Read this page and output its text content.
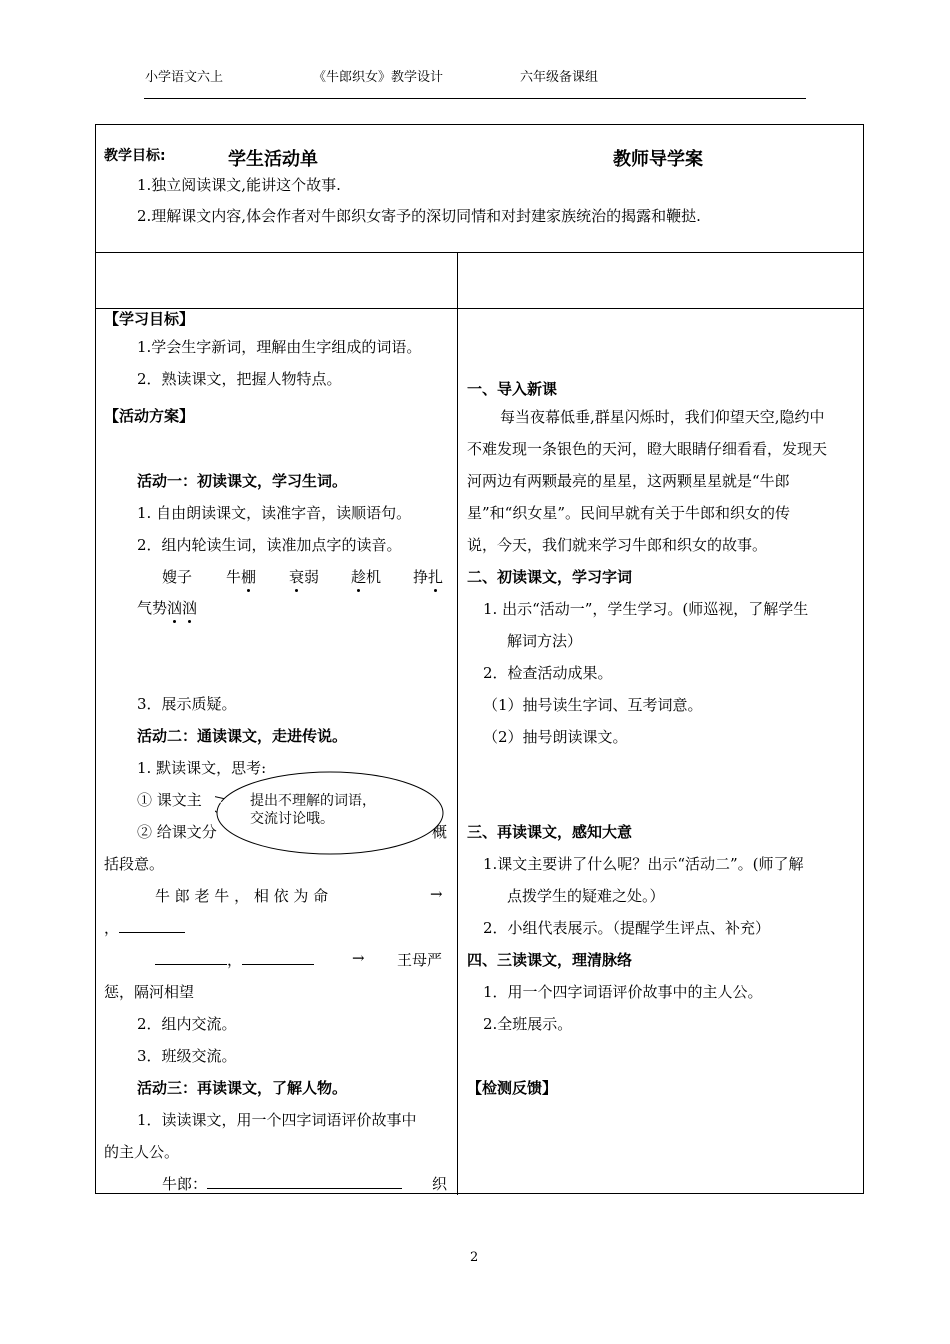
小学语文六上	《牛郎织女》教学设计	六年级备课组
教学目标:
1.独立阅读课文,能讲这个故事.
2.理解课文内容,体会作者对牛郎织女寄予的深切同情和对封建家族统治的揭露和鞭挞.
学生活动单	教师导学案
【学习目标】
1.学会生字新词，理解由生字组成的词语。
2．熟读课文，把握人物特点。
【活动方案】
活动一：初读课文，学习生词。
1. 自由朗读课文，读准字音，读顺语句。
2．组内轮读生词，读准加点字的读音。
嫂子 牛棚 衰弱 趁机 挣扎
气势汹汹
3．展示质疑。
活动二：通读课文，走进传说。
1. 默读课文，思考:
① 课文主
② 给课文分	概
括段意。
牛 郎 老 牛 ， 相 依 为 命	→
，
，	→ 王母严
惩，隔河相望
2．组内交流。
3．班级交流。
活动三：再读课文，了解人物。
1．读读课文，用一个四字词语评价故事中
的主人公。
牛郎：	织
提出不理解的词语，
交流讨论哦。
一、导入新课
每当夜幕低垂,群星闪烁时，我们仰望天空,隐约中
不难发现一条银色的天河，瞪大眼睛仔细看看，发现天
河两边有两颗最亮的星星，这两颗星星就是“牛郎
星”和“织女星”。民间早就有关于牛郎和织女的传
说，今天，我们就来学习牛郎和织女的故事。
二、初读课文，学习字词
1. 出示“活动一”，学生学习。(师巡视，了解学生
解词方法）
2．检查活动成果。
（1）抽号读生字词、互考词意。
（2）抽号朗读课文。
三、再读课文，感知大意
1.课文主要讲了什么呢？出示“活动二”。(师了解
点拨学生的疑难之处。）
2．小组代表展示。（提醒学生评点、补充）
四、三读课文，理清脉络
1．用一个四字词语评价故事中的主人公。
2.全班展示。
【检测反馈】
2
